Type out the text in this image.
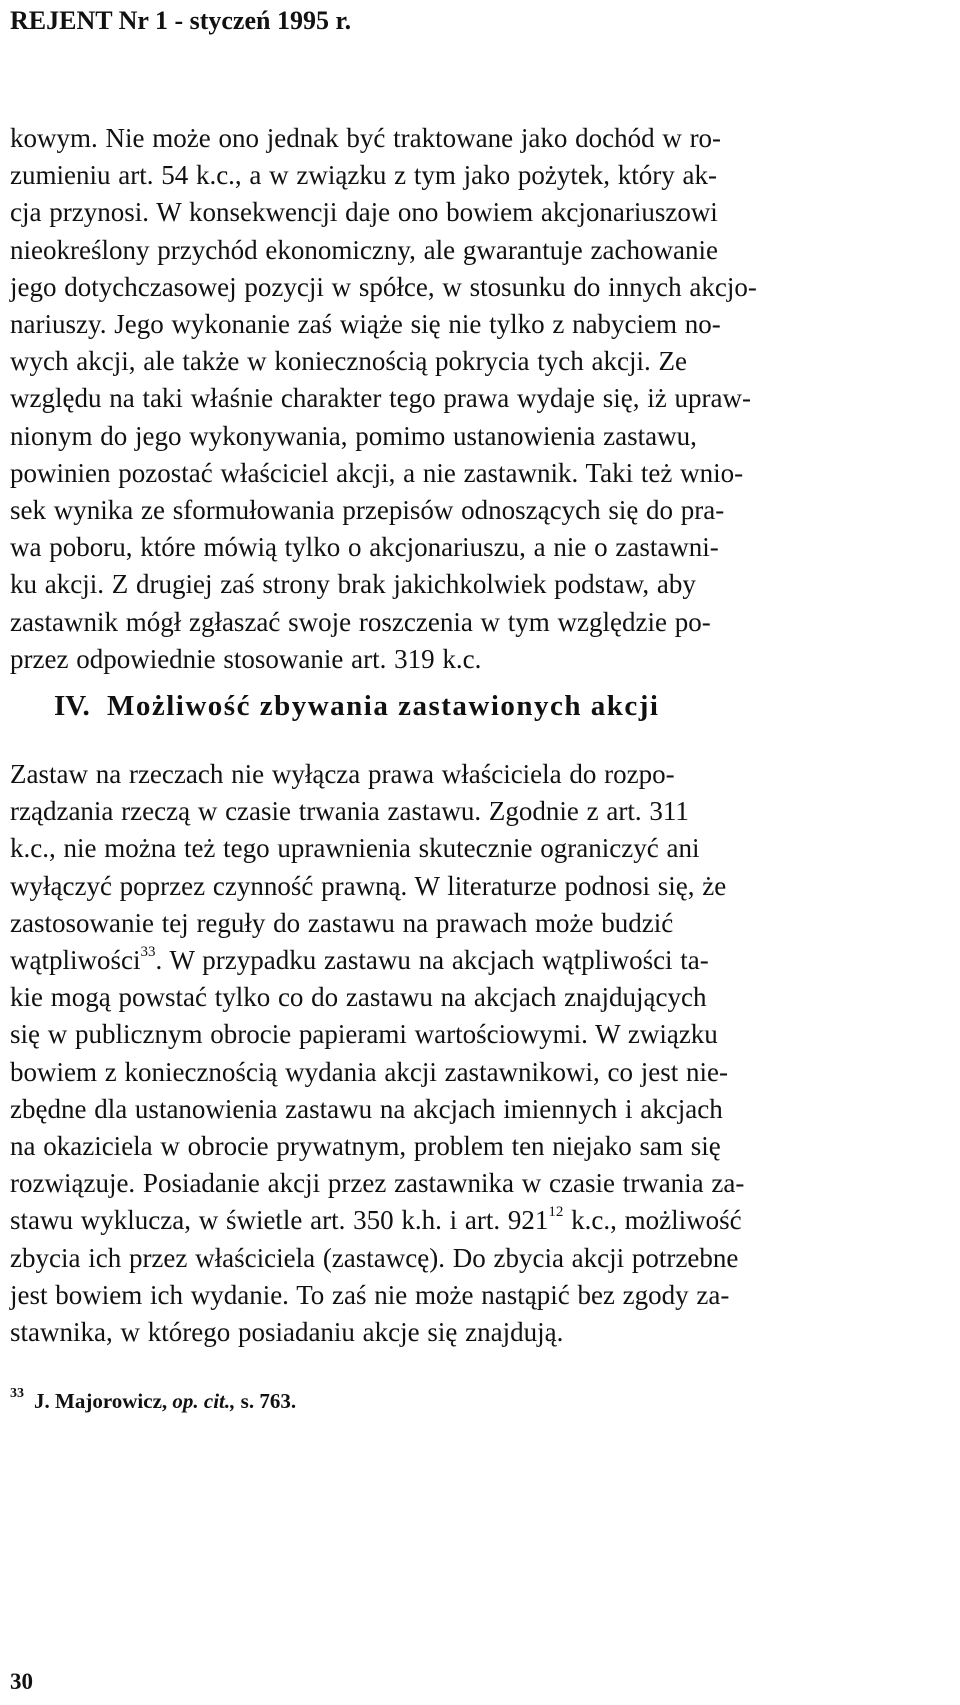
REJENT Nr 1 - styczeń 1995 r.
kowym. Nie może ono jednak być traktowane jako dochód w ro-
zumieniu art. 54 k.c., a w związku z tym jako pożytek, który ak-
cja przynosi. W konsekwencji daje ono bowiem akcjonariuszowi
nieokreślony przychód ekonomiczny, ale gwarantuje zachowanie
jego dotychczasowej pozycji w spółce, w stosunku do innych akcjo-
nariuszy. Jego wykonanie zaś wiąże się nie tylko z nabyciem no-
wych akcji, ale także w koniecznością pokrycia tych akcji. Ze
względu na taki właśnie charakter tego prawa wydaje się, iż upraw-
nionym do jego wykonywania, pomimo ustanowienia zastawu,
powinien pozostać właściciel akcji, a nie zastawnik. Taki też wnio-
sek wynika ze sformułowania przepisów odnoszących się do pra-
wa poboru, które mówią tylko o akcjonariuszu, a nie o zastawni-
ku akcji. Z drugiej zaś strony brak jakichkolwiek podstaw, aby
zastawnik mógł zgłaszać swoje roszczenia w tym względzie po-
przez odpowiednie stosowanie art. 319 k.c.
IV. Możliwość zbywania zastawionych akcji
Zastaw na rzeczach nie wyłącza prawa właściciela do rozpo-
rządzania rzeczą w czasie trwania zastawu. Zgodnie z art. 311
k.c., nie można też tego uprawnienia skutecznie ograniczyć ani
wyłączyć poprzez czynność prawną. W literaturze podnosi się, że
zastosowanie tej reguły do zastawu na prawach może budzić
wątpliwości$^{33}$. W przypadku zastawu na akcjach wątpliwości ta-
kie mogą powstać tylko co do zastawu na akcjach znajdujących
się w publicznym obrocie papierami wartościowymi. W związku
bowiem z koniecznością wydania akcji zastawnikowi, co jest nie-
zbędne dla ustanowienia zastawu na akcjach imiennych i akcjach
na okaziciela w obrocie prywatnym, problem ten niejako sam się
rozwiązuje. Posiadanie akcji przez zastawnika w czasie trwania za-
stawu wyklucza, w świetle art. 350 k.h. i art. $921^{12}$ k.c., możliwość
zbycia ich przez właściciela (zastawcę). Do zbycia akcji potrzebne
jest bowiem ich wydanie. To zaś nie może nastąpić bez zgody za-
stawnika, w którego posiadaniu akcje się znajdują.

$^{33}$ J. Majorowicz, op. cit., s. 763.

30
